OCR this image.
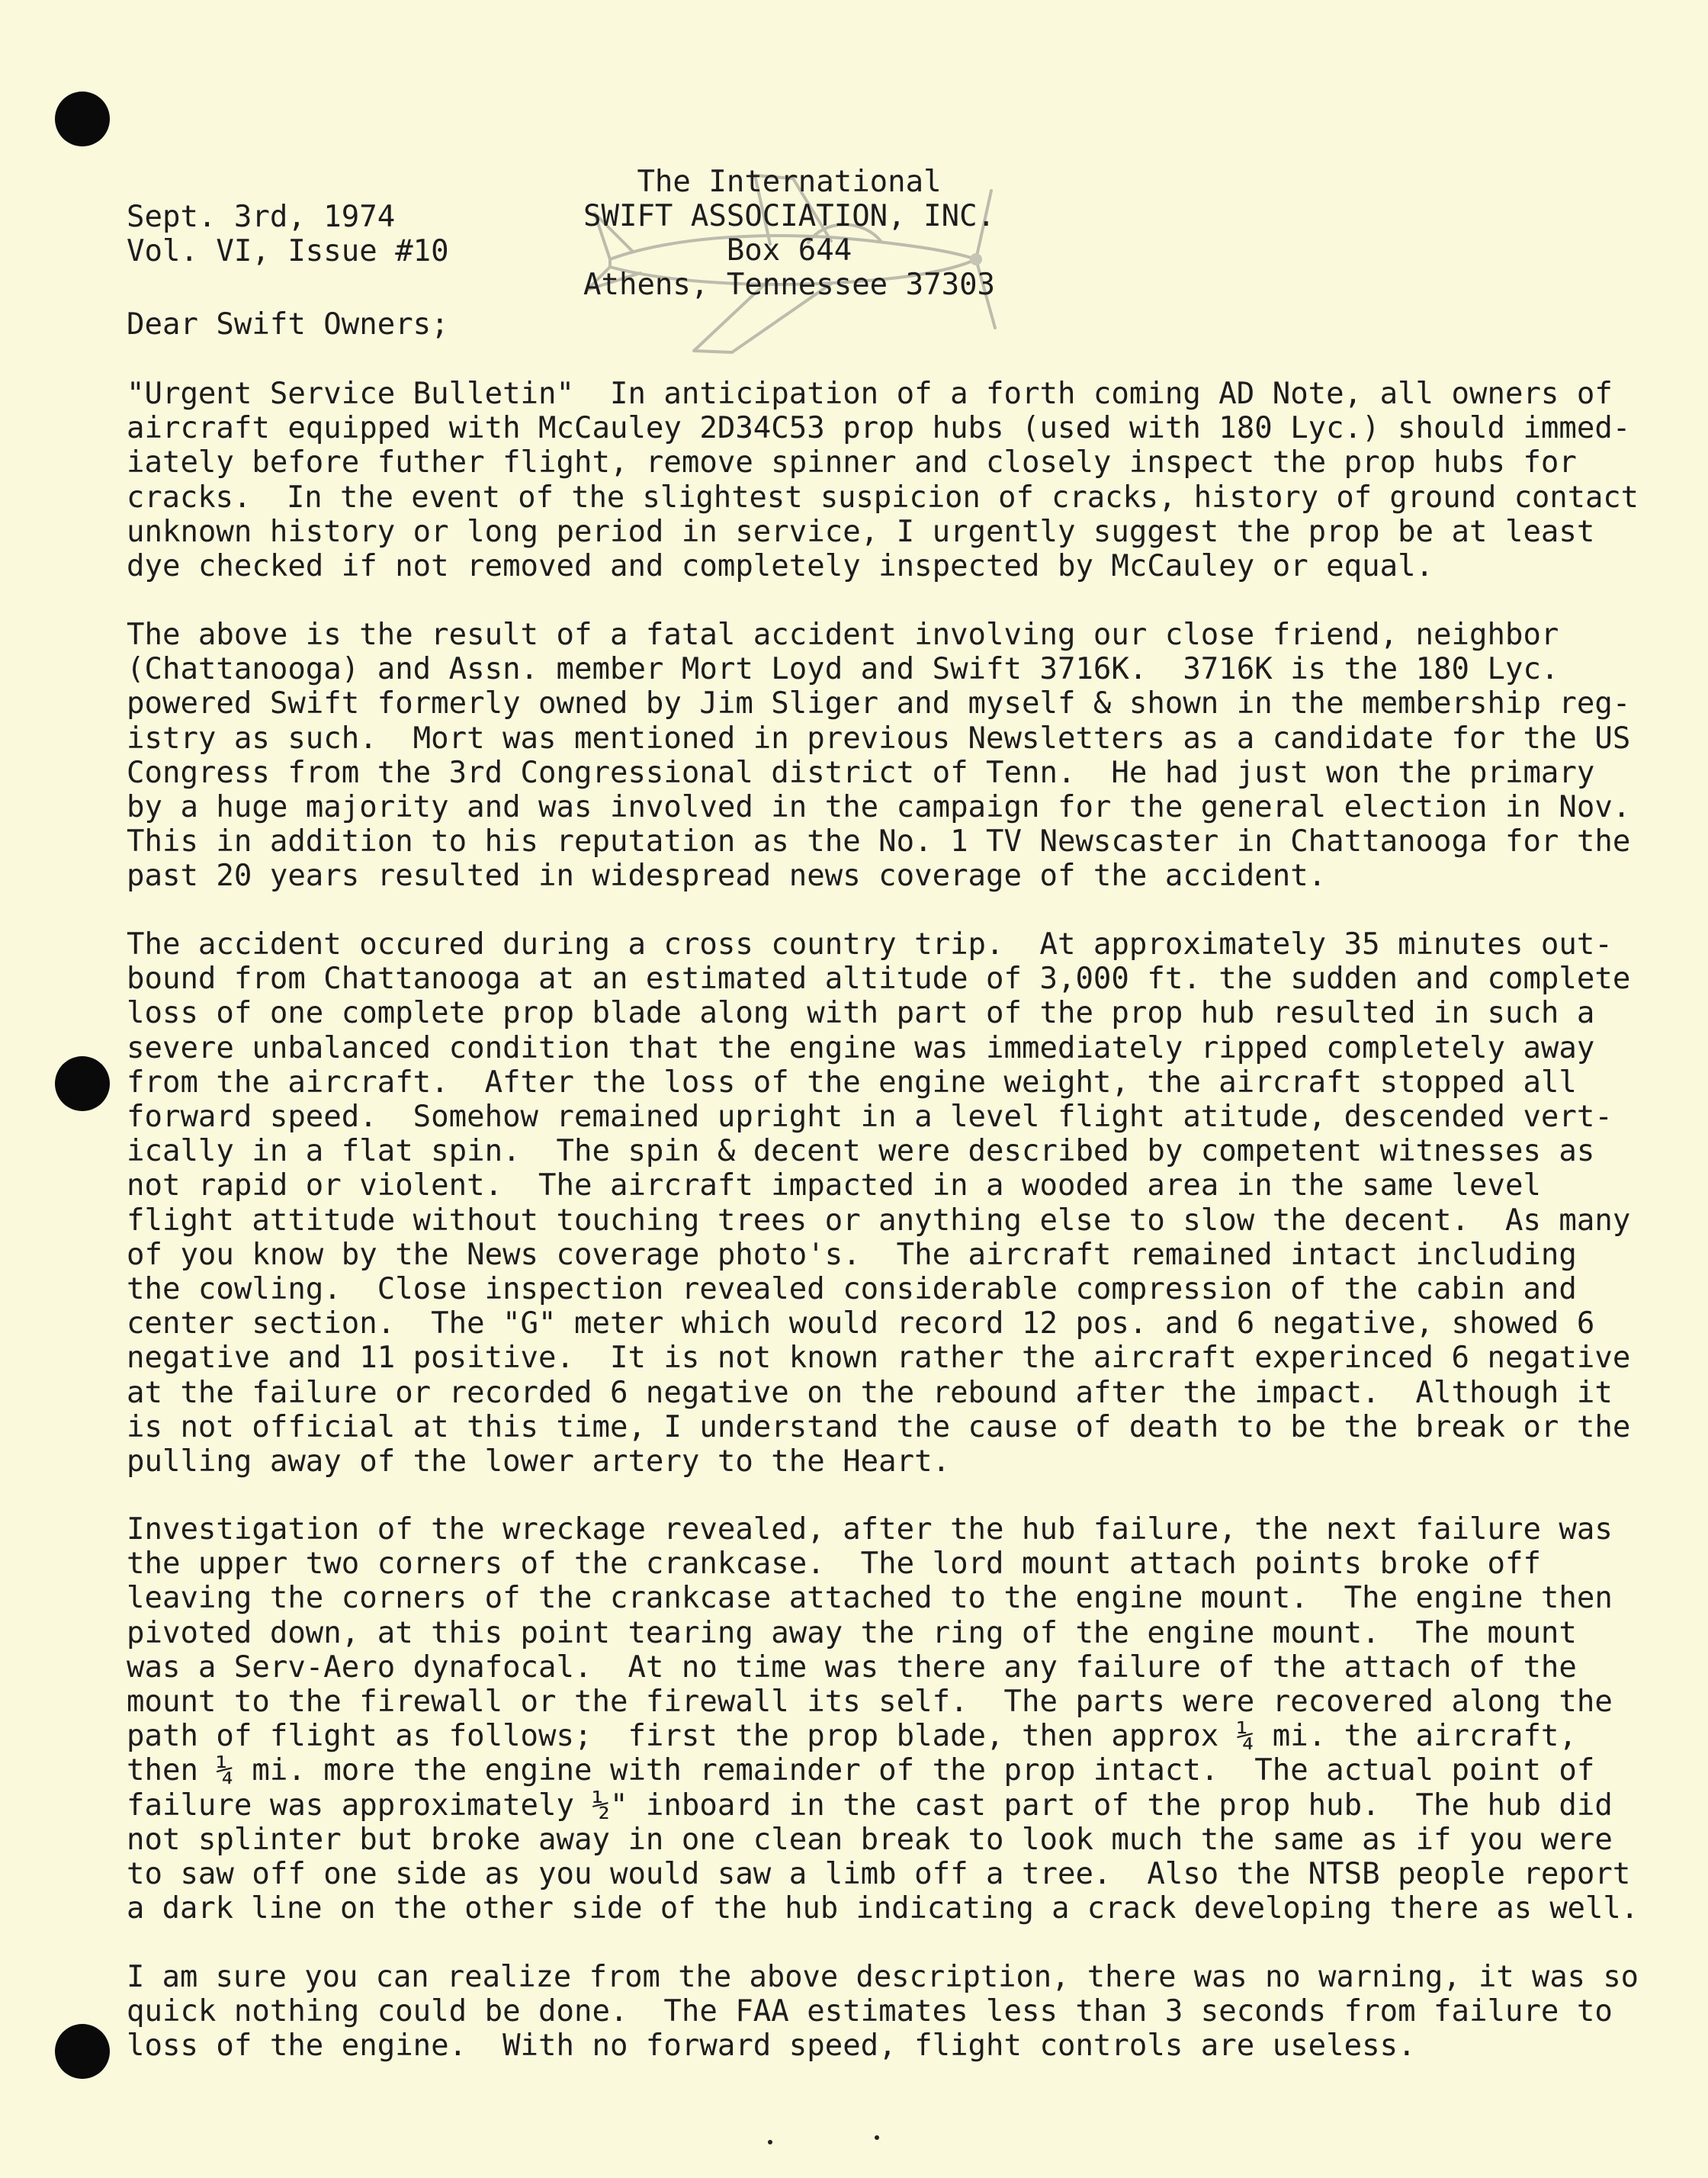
Sept. 3rd, 1974
Vol. VI, Issue #10
The International
SWIFT ASSOCIATION, INC.
Box 644
Athens, Tennessee 37303
Dear Swift Owners;
"Urgent Service Bulletin"  In anticipation of a forth coming AD Note, all owners of
aircraft equipped with McCauley 2D34C53 prop hubs (used with 180 Lyc.) should immed-
iately before futher flight, remove spinner and closely inspect the prop hubs for
cracks.  In the event of the slightest suspicion of cracks, history of ground contact
unknown history or long period in service, I urgently suggest the prop be at least
dye checked if not removed and completely inspected by McCauley or equal.
The above is the result of a fatal accident involving our close friend, neighbor
(Chattanooga) and Assn. member Mort Loyd and Swift 3716K.  3716K is the 180 Lyc.
powered Swift formerly owned by Jim Sliger and myself & shown in the membership reg-
istry as such.  Mort was mentioned in previous Newsletters as a candidate for the US
Congress from the 3rd Congressional district of Tenn.  He had just won the primary
by a huge majority and was involved in the campaign for the general election in Nov.
This in addition to his reputation as the No. 1 TV Newscaster in Chattanooga for the
past 20 years resulted in widespread news coverage of the accident.
The accident occured during a cross country trip.  At approximately 35 minutes out-
bound from Chattanooga at an estimated altitude of 3,000 ft. the sudden and complete
loss of one complete prop blade along with part of the prop hub resulted in such a
severe unbalanced condition that the engine was immediately ripped completely away
from the aircraft.  After the loss of the engine weight, the aircraft stopped all
forward speed.  Somehow remained upright in a level flight atitude, descended vert-
ically in a flat spin.  The spin & decent were described by competent witnesses as
not rapid or violent.  The aircraft impacted in a wooded area in the same level
flight attitude without touching trees or anything else to slow the decent.  As many
of you know by the News coverage photo's.  The aircraft remained intact including
the cowling.  Close inspection revealed considerable compression of the cabin and
center section.  The "G" meter which would record 12 pos. and 6 negative, showed 6
negative and 11 positive.  It is not known rather the aircraft experinced 6 negative
at the failure or recorded 6 negative on the rebound after the impact.  Although it
is not official at this time, I understand the cause of death to be the break or the
pulling away of the lower artery to the Heart.
Investigation of the wreckage revealed, after the hub failure, the next failure was
the upper two corners of the crankcase.  The lord mount attach points broke off
leaving the corners of the crankcase attached to the engine mount.  The engine then
pivoted down, at this point tearing away the ring of the engine mount.  The mount
was a Serv-Aero dynafocal.  At no time was there any failure of the attach of the
mount to the firewall or the firewall its self.  The parts were recovered along the
path of flight as follows;  first the prop blade, then approx ¼ mi. the aircraft,
then ¼ mi. more the engine with remainder of the prop intact.  The actual point of
failure was approximately ½" inboard in the cast part of the prop hub.  The hub did
not splinter but broke away in one clean break to look much the same as if you were
to saw off one side as you would saw a limb off a tree.  Also the NTSB people report
a dark line on the other side of the hub indicating a crack developing there as well.
I am sure you can realize from the above description, there was no warning, it was so
quick nothing could be done.  The FAA estimates less than 3 seconds from failure to
loss of the engine.  With no forward speed, flight controls are useless.
